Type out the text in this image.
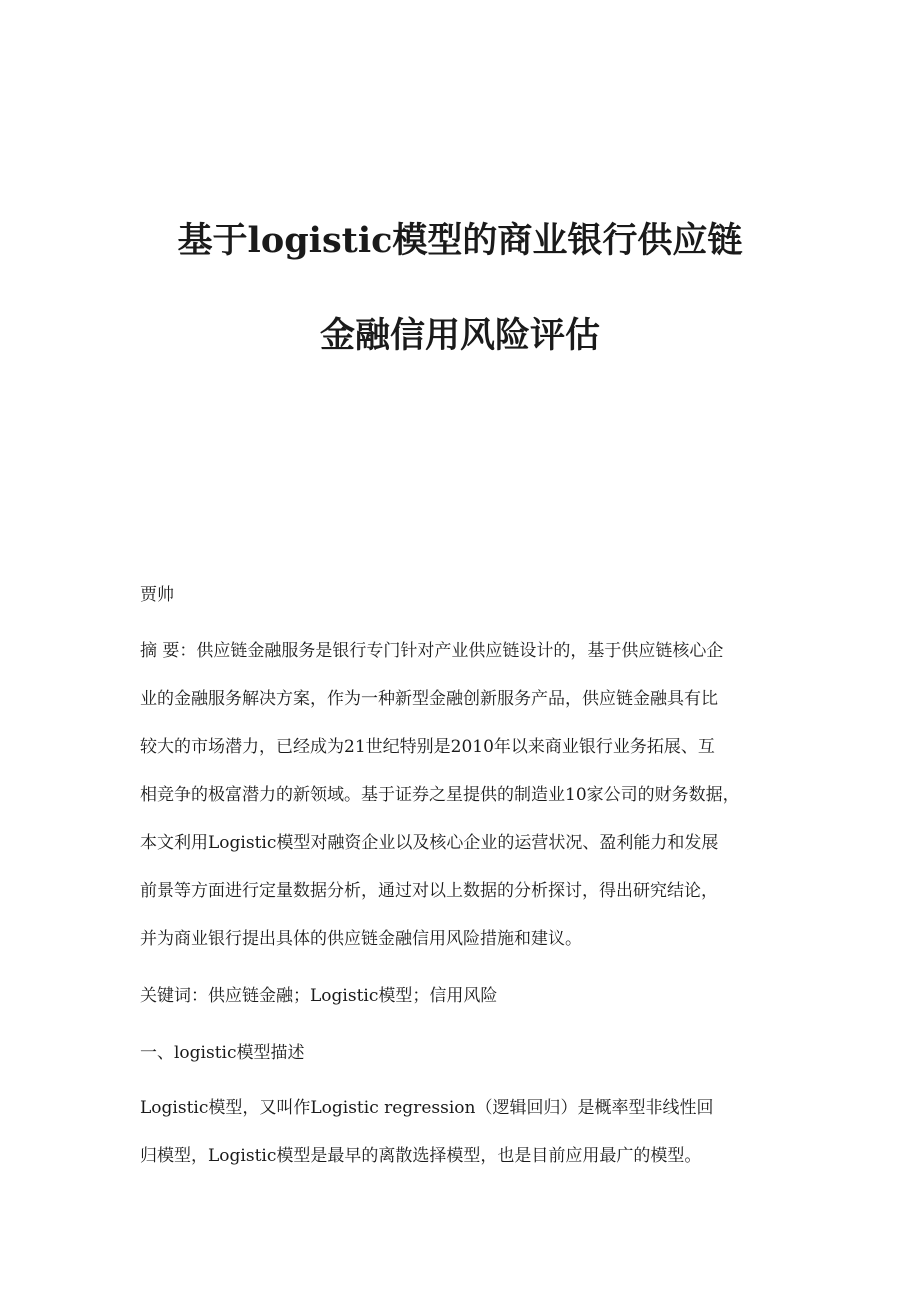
基于logistic模型的商业银行供应链
金融信用风险评估

贾帅

摘 要：供应链金融服务是银行专门针对产业供应链设计的，基于供应链核心企

业的金融服务解决方案，作为一种新型金融创新服务产品，供应链金融具有比

较大的市场潜力，已经成为21世纪特别是2010年以来商业银行业务拓展、互

相竞争的极富潜力的新领域。基于证券之星提供的制造业10家公司的财务数据，

本文利用Logistic模型对融资企业以及核心企业的运营状况、盈利能力和发展

前景等方面进行定量数据分析，通过对以上数据的分析探讨，得出研究结论，

并为商业银行提出具体的供应链金融信用风险措施和建议。

关键词：供应链金融；Logistic模型；信用风险

一、logistic模型描述

Logistic模型，又叫作Logistic regression（逻辑回归）是概率型非线性回

归模型，Logistic模型是最早的离散选择模型，也是目前应用最广的模型。
